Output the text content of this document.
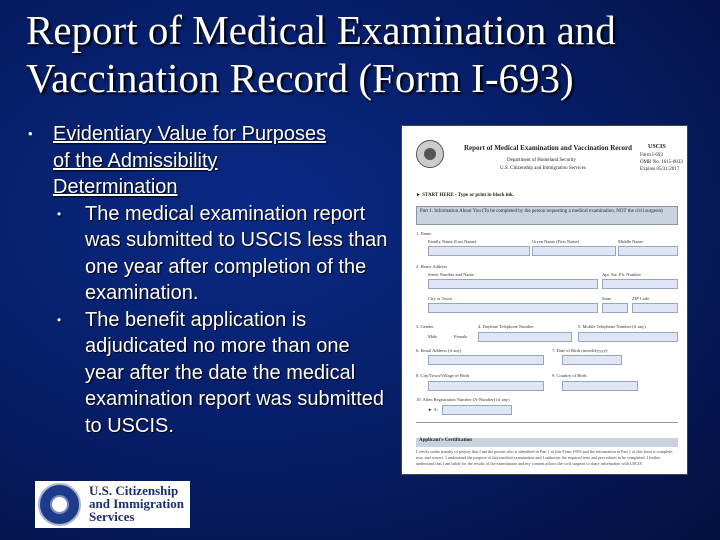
Report of Medical Examination and
Vaccination Record (Form I-693)
• Evidentiary Value for Purposes
of the Admissibility
Determination
• The medical examination report was submitted to USCIS less than one year after completion of the examination.
• The benefit application is adjudicated no more than one year after the date the medical examination report was submitted to USCIS.
Report of Medical Examination and Vaccination Record
Department of Homeland Security
U.S. Citizenship and Immigration Services
USCIS
Form I-693
OMB No. 1615-0033
Expires 05/31/2017
► START HERE - Type or print in black ink.
Part 1. Information About You (To be completed by the person requesting a medical examination, NOT the civil surgeon)
1. Name
Family Name (Last Name)	Given Name (First Name)	Middle Name
2. Home Address
Street Number and Name	Apt. Ste. Flr. Number
City or Town	State	ZIP Code
3. Gender
Male	Female
4. Daytime Telephone Number	5. Mobile Telephone Number (if any)
6. Email Address (if any)	7. Date of Birth (mm/dd/yyyy)
8. City/Town/Village of Birth	9. Country of Birth
10. Alien Registration Number (A-Number) (if any)
► A-
Applicant's Certification
I certify under penalty of perjury that I am the person who is identified in Part 1 of this Form I-693 and the information in Part 1 of this form is complete, true, and correct. I understand the purpose of this medical examination and I authorize the required tests and procedures to be completed. I further understand that I am liable for the results of the examination and my consent allows the civil surgeon to share information with USCIS.
U.S. Citizenship
and Immigration
Services
